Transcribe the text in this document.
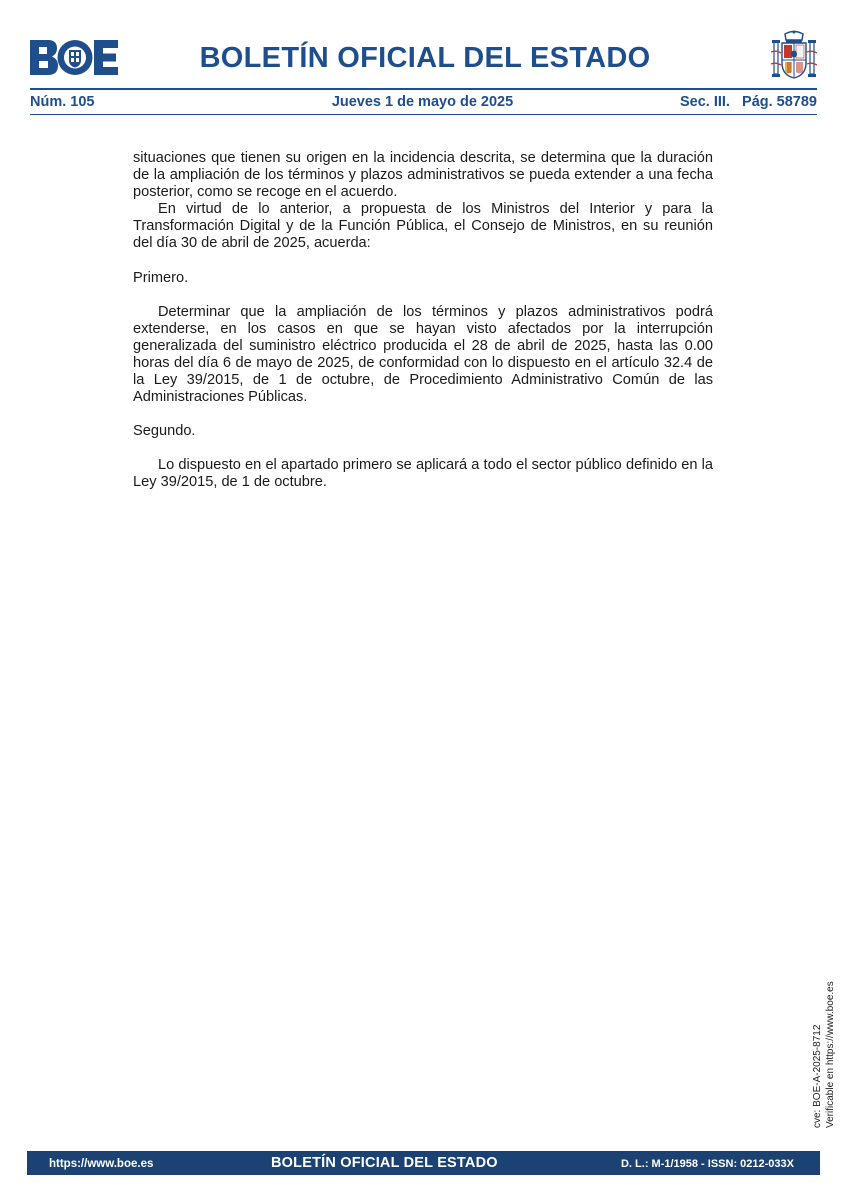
BOLETÍN OFICIAL DEL ESTADO
Núm. 105	Jueves 1 de mayo de 2025	Sec. III.   Pág. 58789

situaciones que tienen su origen en la incidencia descrita, se determina que la duración de la ampliación de los términos y plazos administrativos se pueda extender a una fecha posterior, como se recoge en el acuerdo.

En virtud de lo anterior, a propuesta de los Ministros del Interior y para la Transformación Digital y de la Función Pública, el Consejo de Ministros, en su reunión del día 30 de abril de 2025, acuerda:

Primero.

Determinar que la ampliación de los términos y plazos administrativos podrá extenderse, en los casos en que se hayan visto afectados por la interrupción generalizada del suministro eléctrico producida el 28 de abril de 2025, hasta las 0.00 horas del día 6 de mayo de 2025, de conformidad con lo dispuesto en el artículo 32.4 de la Ley 39/2015, de 1 de octubre, de Procedimiento Administrativo Común de las Administraciones Públicas.

Segundo.

Lo dispuesto en el apartado primero se aplicará a todo el sector público definido en la Ley 39/2015, de 1 de octubre.

cve: BOE-A-2025-8712 Verificable en https://www.boe.es
https://www.boe.es	BOLETÍN OFICIAL DEL ESTADO	D. L.: M-1/1958 - ISSN: 0212-033X
